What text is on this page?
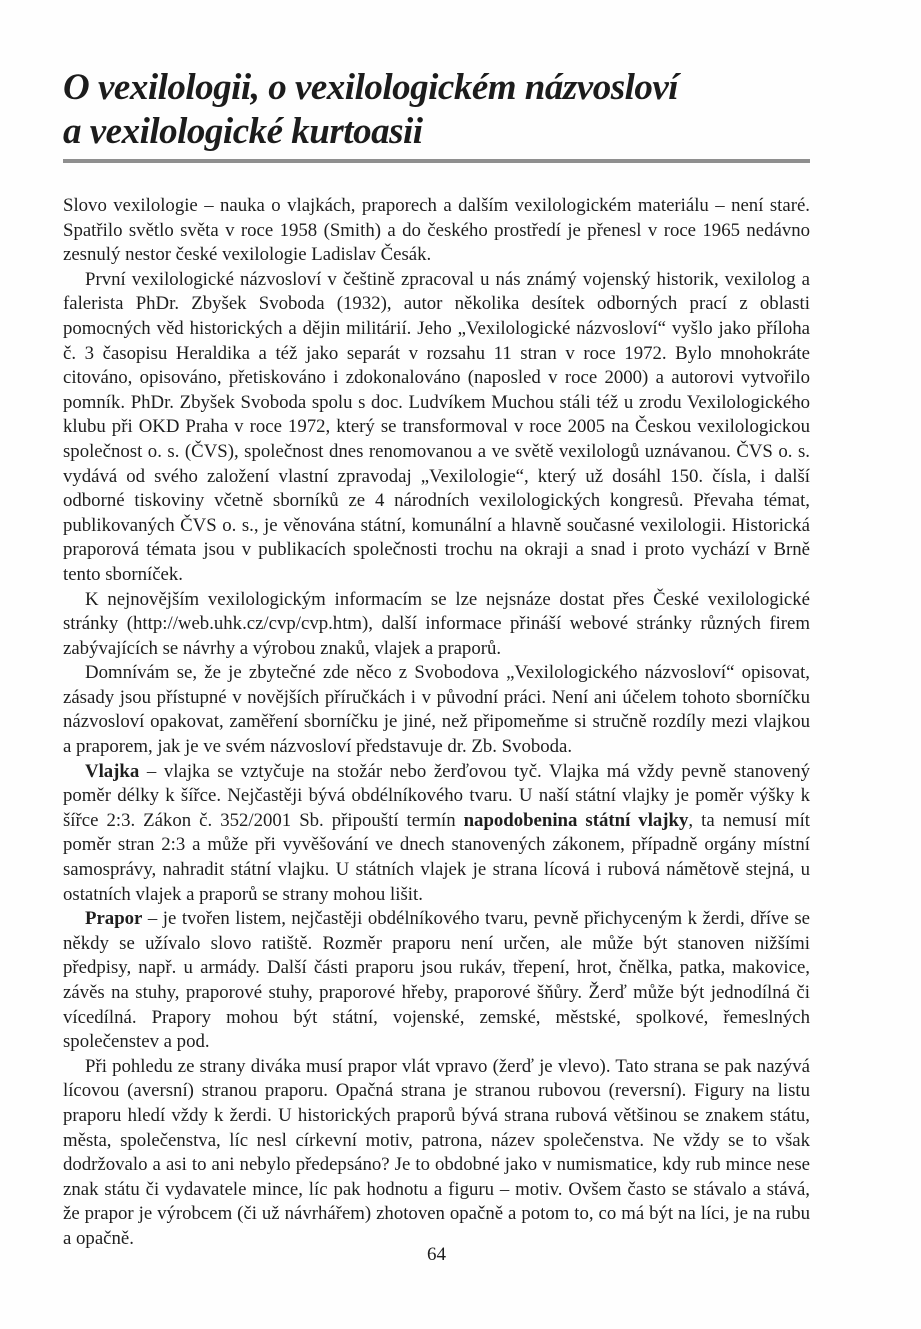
O vexilologii, o vexilologickém názvosloví
a vexilologické kurtoasii

Slovo vexilologie – nauka o vlajkách, praporech a dalším vexilologickém materiálu – není staré. Spatřilo světlo světa v roce 1958 (Smith) a do českého prostředí je přenesl v roce 1965 nedávno zesnulý nestor české vexilologie Ladislav Česák.

První vexilologické názvosloví v češtině zpracoval u nás známý vojenský historik, vexilolog a falerista PhDr. Zbyšek Svoboda (1932), autor několika desítek odborných prací z oblasti pomocných věd historických a dějin militárií. Jeho „Vexilologické názvosloví“ vyšlo jako příloha č. 3 časopisu Heraldika a též jako separát v rozsahu 11 stran v roce 1972. Bylo mnohokráte citováno, opisováno, přetiskováno i zdokonalováno (naposled v roce 2000) a autorovi vytvořilo pomník. PhDr. Zbyšek Svoboda spolu s doc. Ludvíkem Muchou stáli též u zrodu Vexilologického klubu při OKD Praha v roce 1972, který se transformoval v roce 2005 na Českou vexilologickou společnost o. s. (ČVS), společnost dnes renomovanou a ve světě vexilologů uznávanou. ČVS o. s. vydává od svého založení vlastní zpravodaj „Vexilologie“, který už dosáhl 150. čísla, i další odborné tiskoviny včetně sborníků ze 4 národních vexilologických kongresů. Převaha témat, publikovaných ČVS o. s., je věnována státní, komunální a hlavně současné vexilologii. Historická praporová témata jsou v publikacích společnosti trochu na okraji a snad i proto vychází v Brně tento sborníček.

K nejnovějším vexilologickým informacím se lze nejsnáze dostat přes České vexilologické stránky (http://web.uhk.cz/cvp/cvp.htm), další informace přináší webové stránky různých firem zabývajících se návrhy a výrobou znaků, vlajek a praporů.

Domnívám se, že je zbytečné zde něco z Svobodova „Vexilologického názvosloví“ opisovat, zásady jsou přístupné v novějších příručkách i v původní práci. Není ani účelem tohoto sborníčku názvosloví opakovat, zaměření sborníčku je jiné, než připomeňme si stručně rozdíly mezi vlajkou a praporem, jak je ve svém názvosloví představuje dr. Zb. Svoboda.

Vlajka – vlajka se vztyčuje na stožár nebo žerďovou tyč. Vlajka má vždy pevně stanovený poměr délky k šířce. Nejčastěji bývá obdélníkového tvaru. U naší státní vlajky je poměr výšky k šířce 2:3. Zákon č. 352/2001 Sb. připouští termín napodobenina státní vlajky, ta nemusí mít poměr stran 2:3 a může při vyvěšování ve dnech stanovených zákonem, případně orgány místní samosprávy, nahradit státní vlajku. U státních vlajek je strana lícová i rubová námětově stejná, u ostatních vlajek a praporů se strany mohou lišit.

Prapor – je tvořen listem, nejčastěji obdélníkového tvaru, pevně přichyceným k žerdi, dříve se někdy se užívalo slovo ratiště. Rozměr praporu není určen, ale může být stanoven nižšími předpisy, např. u armády. Další části praporu jsou rukáv, třepení, hrot, čnělka, patka, makovice, závěs na stuhy, praporové stuhy, praporové hřeby, praporové šňůry. Žerď může být jednodílná či vícedílná. Prapory mohou být státní, vojenské, zemské, městské, spolkové, řemeslných společenstev a pod.

Při pohledu ze strany diváka musí prapor vlát vpravo (žerď je vlevo). Tato strana se pak nazývá lícovou (aversní) stranou praporu. Opačná strana je stranou rubovou (reversní). Figury na listu praporu hledí vždy k žerdi. U historických praporů bývá strana rubová většinou se znakem státu, města, společenstva, líc nesl církevní motiv, patrona, název společenstva. Ne vždy se to však dodržovalo a asi to ani nebylo předepsáno? Je to obdobné jako v numismatice, kdy rub mince nese znak státu či vydavatele mince, líc pak hodnotu a figuru – motiv. Ovšem často se stávalo a stává, že prapor je výrobcem (či už návrhářem) zhotoven opačně a potom to, co má být na líci, je na rubu a opačně.

64
